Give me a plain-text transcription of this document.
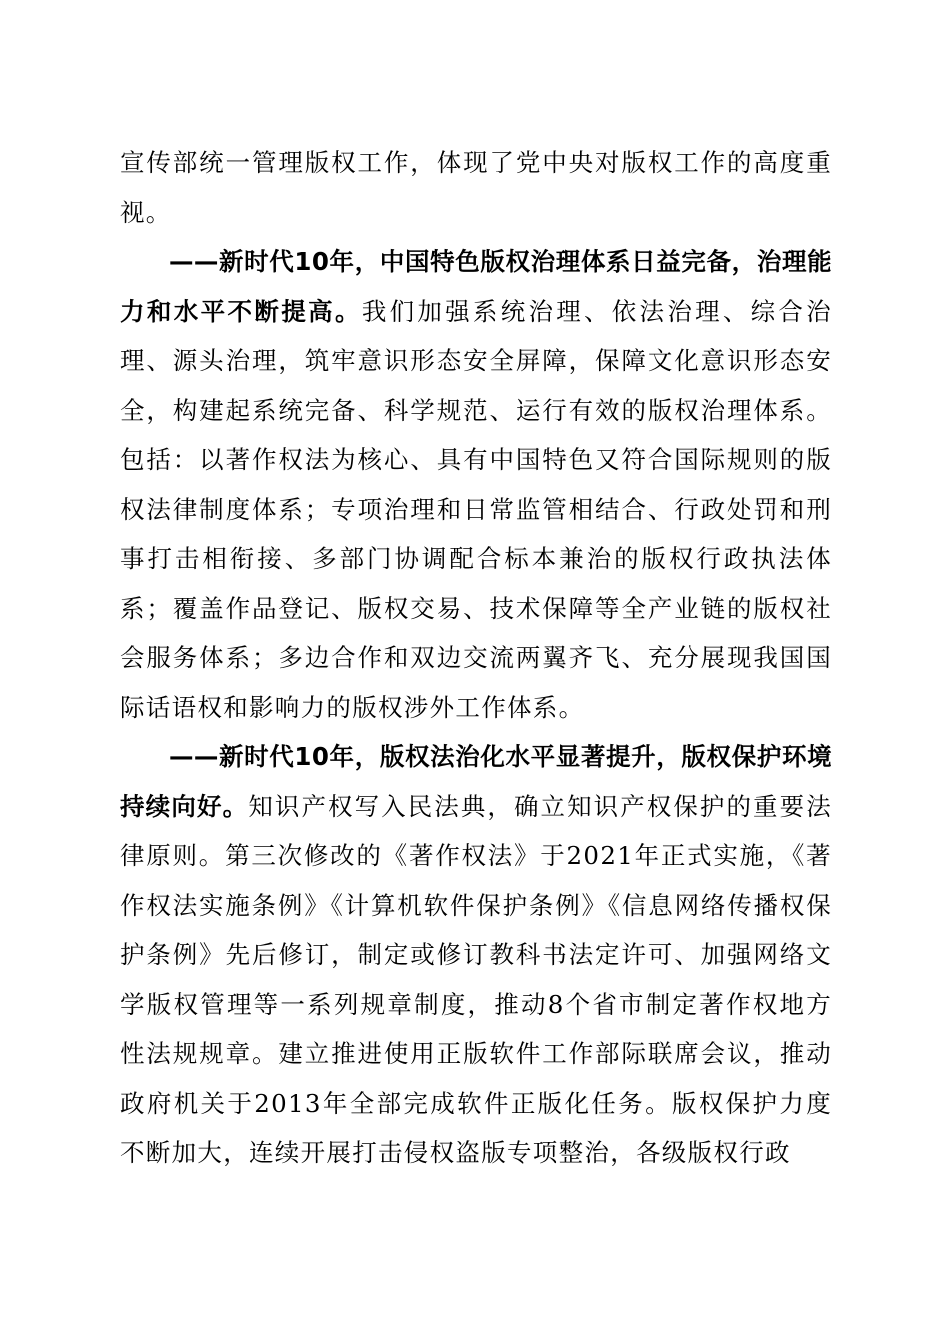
宣传部统一管理版权工作，体现了党中央对版权工作的高度重视。

——新时代10年，中国特色版权治理体系日益完备，治理能力和水平不断提高。我们加强系统治理、依法治理、综合治理、源头治理，筑牢意识形态安全屏障，保障文化意识形态安全，构建起系统完备、科学规范、运行有效的版权治理体系。包括：以著作权法为核心、具有中国特色又符合国际规则的版权法律制度体系；专项治理和日常监管相结合、行政处罚和刑事打击相衔接、多部门协调配合标本兼治的版权行政执法体系；覆盖作品登记、版权交易、技术保障等全产业链的版权社会服务体系；多边合作和双边交流两翼齐飞、充分展现我国国际话语权和影响力的版权涉外工作体系。

——新时代10年，版权法治化水平显著提升，版权保护环境持续向好。知识产权写入民法典，确立知识产权保护的重要法律原则。第三次修改的《著作权法》于2021年正式实施，《著作权法实施条例》《计算机软件保护条例》《信息网络传播权保护条例》先后修订，制定或修订教科书法定许可、加强网络文学版权管理等一系列规章制度，推动8个省市制定著作权地方性法规规章。建立推进使用正版软件工作部际联席会议，推动政府机关于2013年全部完成软件正版化任务。版权保护力度不断加大，连续开展打击侵权盗版专项整治，各级版权行政
